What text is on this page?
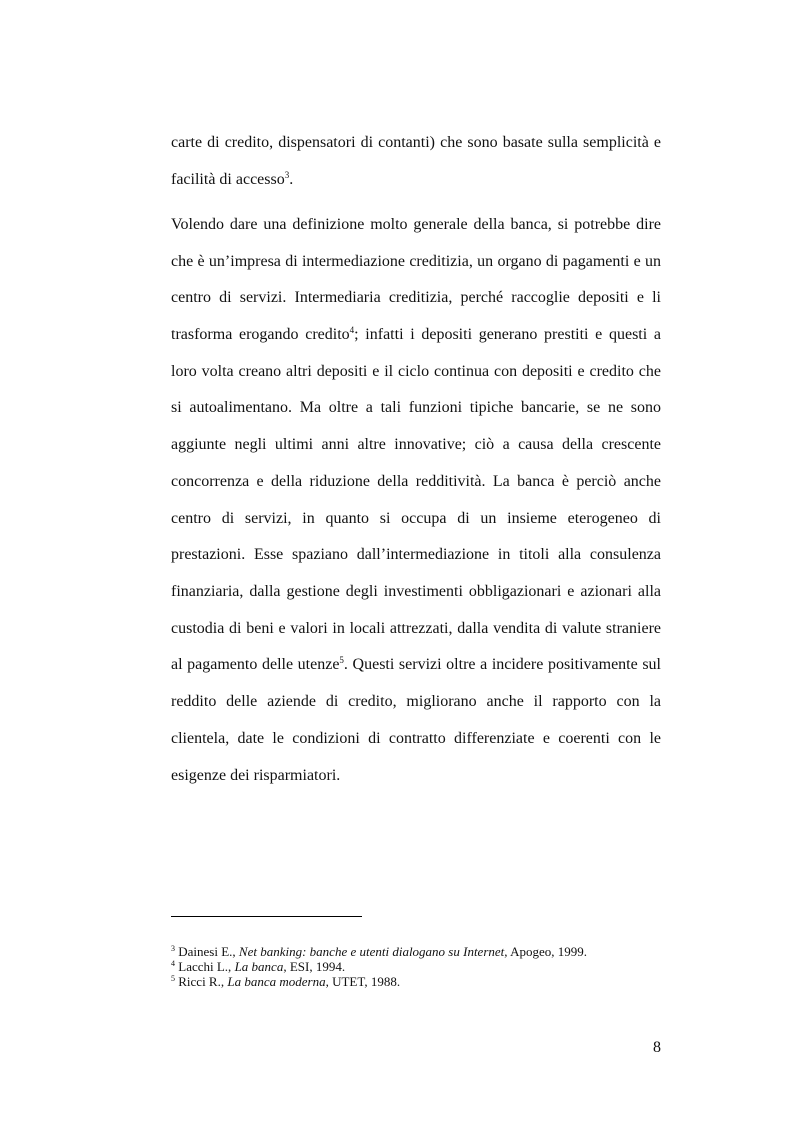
carte di credito, dispensatori di contanti) che sono basate sulla semplicità e
facilità di accesso$^3$.
Volendo dare una definizione molto generale della banca, si potrebbe dire
che è un’impresa di intermediazione creditizia, un organo di pagamenti e un
centro di servizi. Intermediaria creditizia, perché raccoglie depositi e li
trasforma erogando credito$^4$; infatti i depositi generano prestiti e questi a
loro volta creano altri depositi e il ciclo continua con depositi e credito che
si autoalimentano. Ma oltre a tali funzioni tipiche bancarie, se ne sono
aggiunte negli ultimi anni altre innovative; ciò a causa della crescente
concorrenza e della riduzione della redditività. La banca è perciò anche
centro di servizi, in quanto si occupa di un insieme eterogeneo di
prestazioni. Esse spaziano dall’intermediazione in titoli alla consulenza
finanziaria, dalla gestione degli investimenti obbligazionari e azionari alla
custodia di beni e valori in locali attrezzati, dalla vendita di valute straniere
al pagamento delle utenze$^5$. Questi servizi oltre a incidere positivamente sul
reddito delle aziende di credito, migliorano anche il rapporto con la
clientela, date le condizioni di contratto differenziate e coerenti con le
esigenze dei risparmiatori.
$^3$ Dainesi E., Net banking: banche e utenti dialogano su Internet, Apogeo, 1999.
$^4$ Lacchi L., La banca, ESI, 1994.
$^5$ Ricci R., La banca moderna, UTET, 1988.
8
